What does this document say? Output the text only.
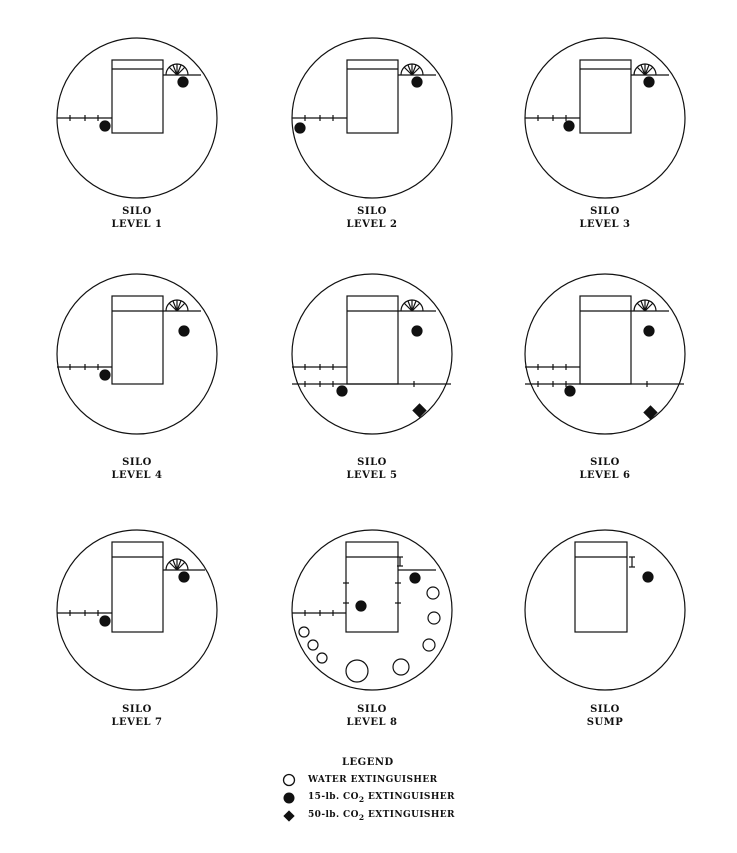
SILO
LEVEL 1
SILO
LEVEL 2
SILO
LEVEL 3
SILO
LEVEL 4
SILO
LEVEL 5
SILO
LEVEL 6
SILO
LEVEL 7
SILO
LEVEL 8
SILO
SUMP
LEGEND
WATER EXTINGUISHER
15-lb. $CO_2$ EXTINGUISHER
50-lb. $CO_2$ EXTINGUISHER
